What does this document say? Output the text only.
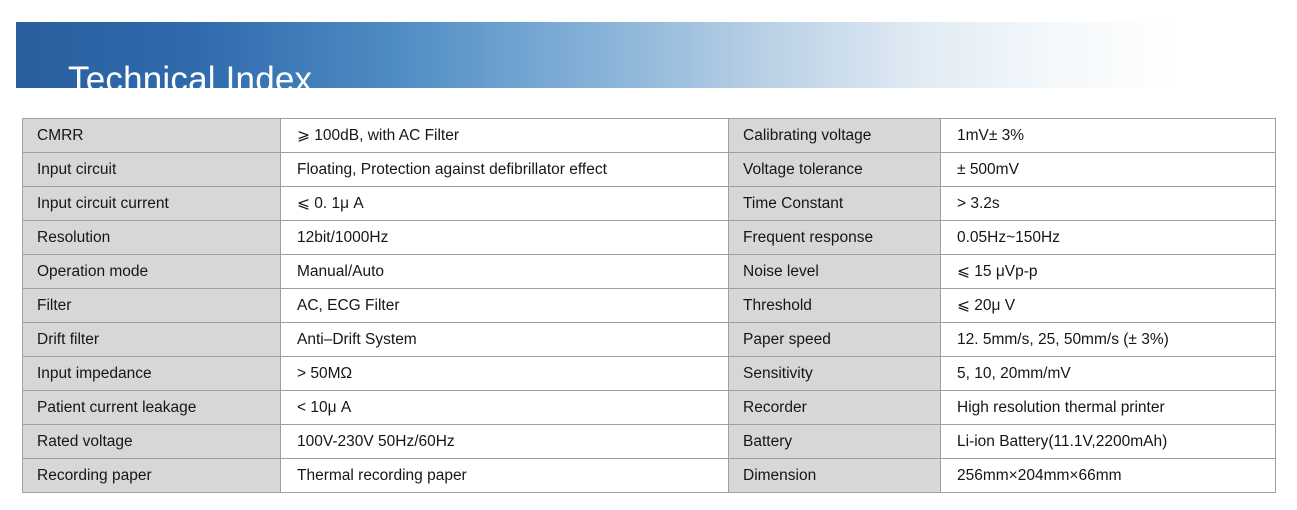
Technical Index
CMRR	⩾ 100dB, with AC Filter	Calibrating voltage	1mV± 3%
Input circuit	Floating, Protection against defibrillator effect	Voltage tolerance	± 500mV
Input circuit current	⩽ 0. 1μ A	Time Constant	> 3.2s
Resolution	12bit/1000Hz	Frequent response	0.05Hz~150Hz
Operation mode	Manual/Auto	Noise level	⩽ 15 μVp-p
Filter	AC, ECG Filter	Threshold	⩽ 20μ V
Drift filter	Anti–Drift System	Paper speed	12. 5mm/s, 25, 50mm/s (± 3%)
Input impedance	> 50MΩ	Sensitivity	5, 10, 20mm/mV
Patient current leakage	< 10μ A	Recorder	High resolution thermal printer
Rated voltage	100V-230V 50Hz/60Hz	Battery	Li-ion Battery(11.1V,2200mAh)
Recording paper	Thermal recording paper	Dimension	256mm×204mm×66mm
